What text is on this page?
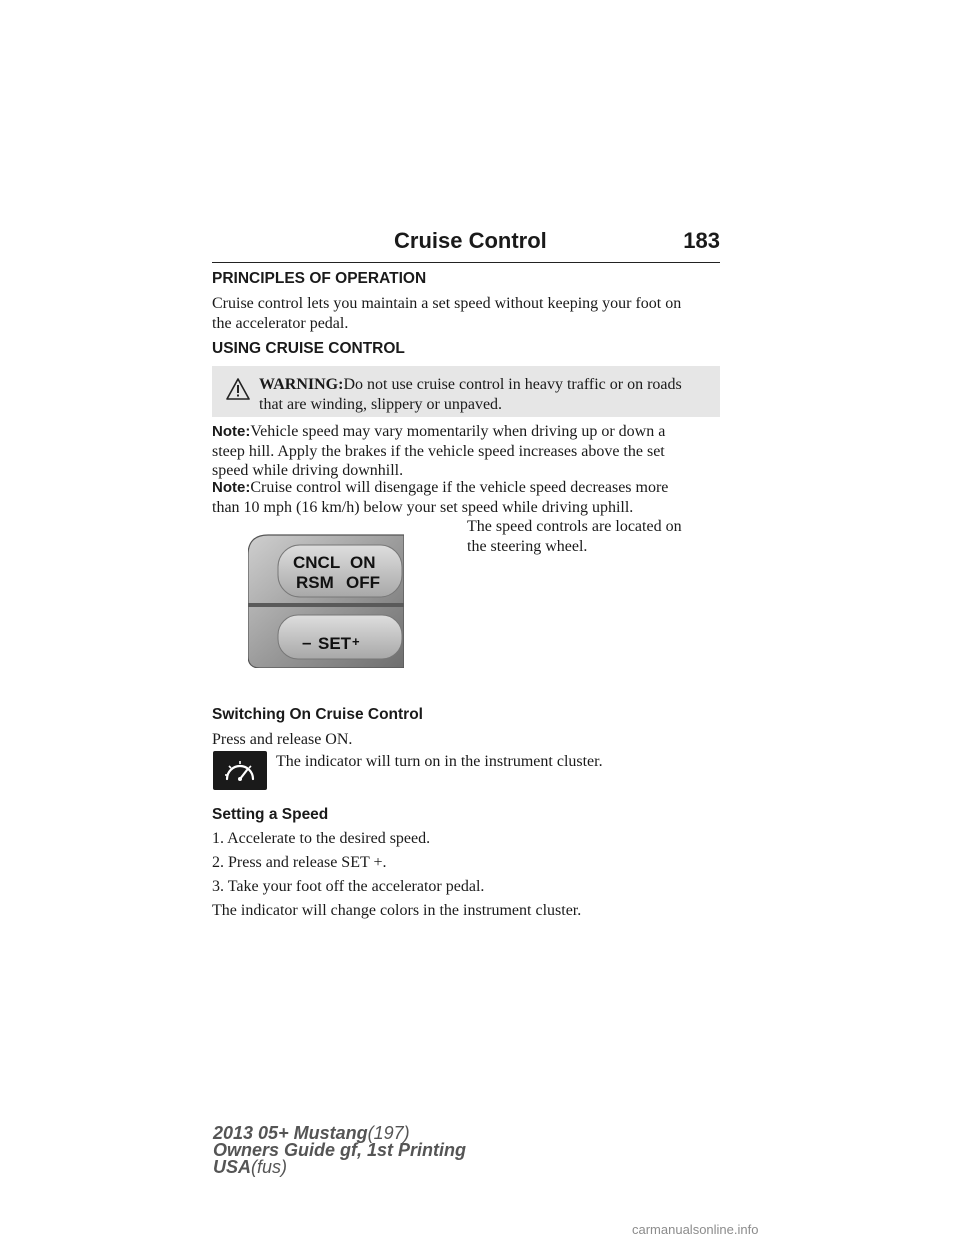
Cruise Control	183
PRINCIPLES OF OPERATION
Cruise control lets you maintain a set speed without keeping your foot on
the accelerator pedal.
USING CRUISE CONTROL
WARNING:Do not use cruise control in heavy traffic or on roads
that are winding, slippery or unpaved.
Note:Vehicle speed may vary momentarily when driving up or down a
steep hill. Apply the brakes if the vehicle speed increases above the set
speed while driving downhill.
Note:Cruise control will disengage if the vehicle speed decreases more
than 10 mph (16 km/h) below your set speed while driving uphill.
The speed controls are located on
the steering wheel.
CNCL ON
RSM OFF
– SET +
Switching On Cruise Control
Press and release ON.
The indicator will turn on in the instrument cluster.
Setting a Speed
1. Accelerate to the desired speed.
2. Press and release SET +.
3. Take your foot off the accelerator pedal.
The indicator will change colors in the instrument cluster.
2013 05+ Mustang(197)
Owners Guide gf, 1st Printing
USA(fus)
carmanualsonline.info
